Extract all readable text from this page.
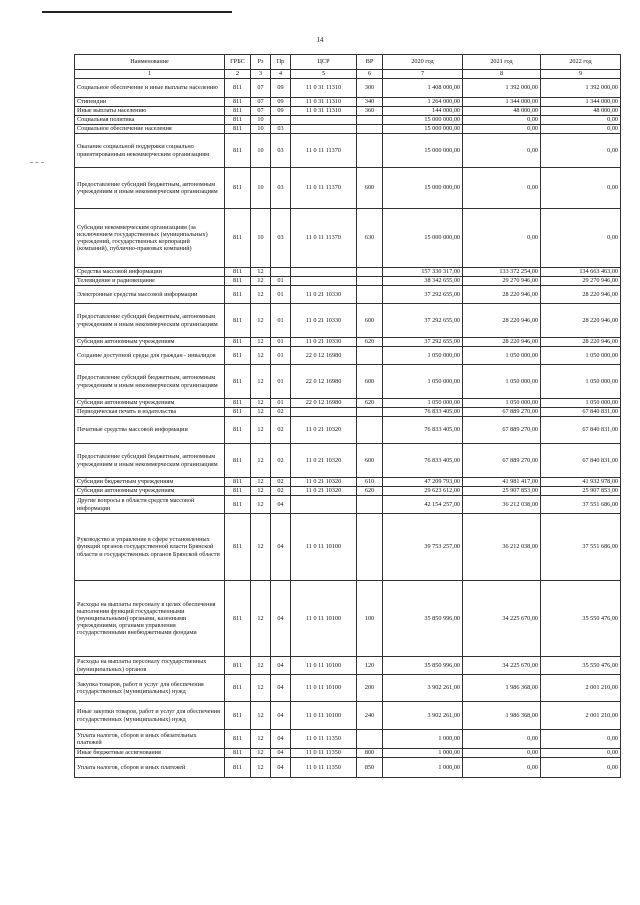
14
Наименование	ГРБС	Рз	Пр	ЦСР	ВР	2020 год	2021 год	2022 год
1	2	3	4	5	6	7	8	9
Социальное обеспечение и иные выплаты населению	811	07	09	11 0 31 11310	300	1 408 000,00	1 392 000,00	1 392 000,00
Стипендии	811	07	09	11 0 31 11310	340	1 264 000,00	1 344 000,00	1 344 000,00
Иные выплаты населению	811	07	09	11 0 31 11310	360	144 000,00	48 000,00	48 000,00
Социальная политика	811	10				15 000 000,00	0,00	0,00
Социальное обеспечение населения	811	10	03			15 000 000,00	0,00	0,00
Оказание социальной поддержки социально ориентированным некоммерческим организациям	811	10	03	11 0 11 11370		15 000 000,00	0,00	0,00
Предоставление субсидий бюджетным, автономным учреждениям и иным некоммерческим организациям	811	10	03	11 0 11 11370	600	15 000 000,00	0,00	0,00
Субсидии некоммерческим организациям (за исключением государственных (муниципальных) учреждений, государственных корпораций (компаний), публично-правовых компаний)	811	10	03	11 0 11 11370	630	15 000 000,00	0,00	0,00
Средства массовой информации	811	12				157 330 317,00	133 372 254,00	134 663 463,00
Телевидение и радиовещание	811	12	01			38 342 655,00	29 270 946,00	29 270 946,00
Электронные средства массовой информации	811	12	01	11 0 21 10330		37 292 655,00	28 220 946,00	28 220 946,00
Предоставление субсидий бюджетным, автономным учреждениям и иным некоммерческим организациям	811	12	01	11 0 21 10330	600	37 292 655,00	28 220 946,00	28 220 946,00
Субсидии автономным учреждениям	811	12	01	11 0 21 10330	620	37 292 655,00	28 220 946,00	28 220 946,00
Создание доступной среды для граждан - инвалидов	811	12	01	22 0 12 16980		1 050 000,00	1 050 000,00	1 050 000,00
Предоставление субсидий бюджетным, автономным учреждениям и иным некоммерческим организациям	811	12	01	22 0 12 16980	600	1 050 000,00	1 050 000,00	1 050 000,00
Субсидии автономным учреждениям	811	12	01	22 0 12 16980	620	1 050 000,00	1 050 000,00	1 050 000,00
Периодическая печать и издательства	811	12	02			76 833 405,00	67 889 270,00	67 840 831,00
Печатные средства массовой информации	811	12	02	11 0 21 10320		76 833 405,00	67 889 270,00	67 840 831,00
Предоставление субсидий бюджетным, автономным учреждениям и иным некоммерческим организациям	811	12	02	11 0 21 10320	600	76 833 405,00	67 889 270,00	67 840 831,00
Субсидии бюджетным учреждениям	811	12	02	11 0 21 10320	610	47 209 793,00	41 981 417,00	41 932 978,00
Субсидии автономным учреждениям	811	12	02	11 0 21 10320	620	29 623 612,00	25 907 853,00	25 907 853,00
Другие вопросы в области средств массовой информации	811	12	04			42 154 257,00	36 212 038,00	37 551 686,00
Руководство и управление в сфере установленных функций органов государственной власти Брянской области и государственных органов Брянской области	811	12	04	11 0 11 10100		39 753 257,00	36 212 038,00	37 551 686,00
Расходы на выплаты персоналу в целях обеспечения выполнения функций государственными (муниципальными) органами, казенными учреждениями, органами управления государственными внебюджетными фондами	811	12	04	11 0 11 10100	100	35 850 996,00	34 225 670,00	35 550 476,00
Расходы на выплаты персоналу государственных (муниципальных) органов	811	12	04	11 0 11 10100	120	35 850 996,00	34 225 670,00	35 550 476,00
Закупка товаров, работ и услуг для обеспечения государственных (муниципальных) нужд	811	12	04	11 0 11 10100	200	3 902 261,00	1 986 368,00	2 001 210,00
Иные закупки товаров, работ и услуг для обеспечения государственных (муниципальных) нужд	811	12	04	11 0 11 10100	240	3 902 261,00	1 986 368,00	2 001 210,00
Уплата налогов, сборов и иных обязательных платежей	811	12	04	11 0 11 11350		1 000,00	0,00	0,00
Иные бюджетные ассигнования	811	12	04	11 0 11 11350	800	1 000,00	0,00	0,00
Уплата налогов, сборов и иных платежей	811	12	04	11 0 11 11350	850	1 000,00	0,00	0,00
